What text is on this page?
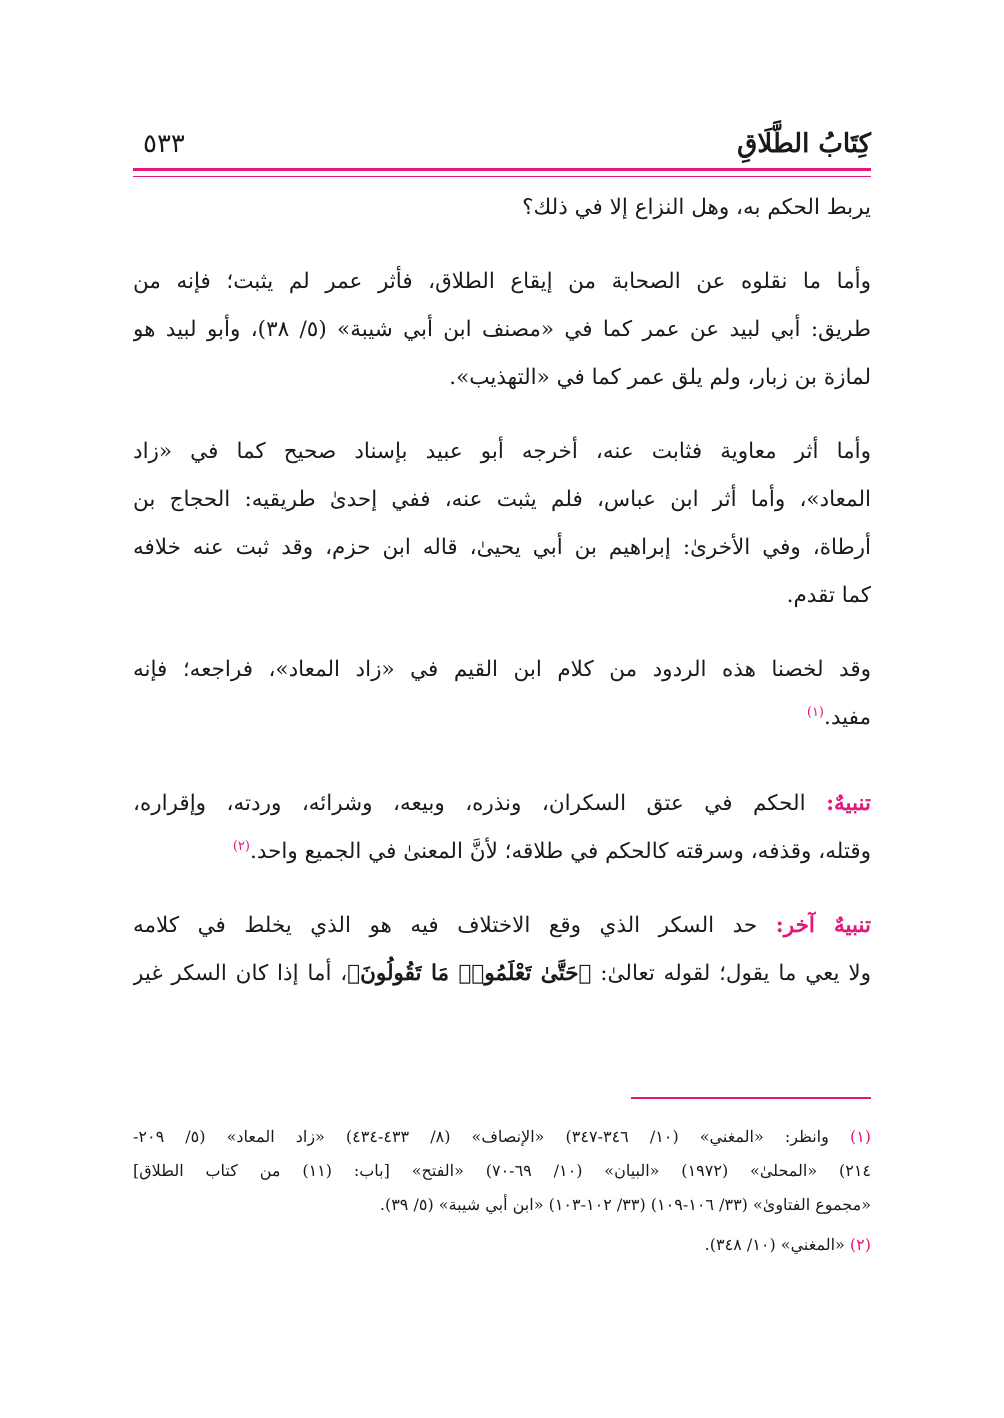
كِتَابُ الطَّلَاقِ
٥٣٣
يربط الحكم به، وهل النزاع إلا في ذلك؟
وأما ما نقلوه عن الصحابة من إيقاع الطلاق، فأثر عمر لم يثبت؛ فإنه من
طريق: أبي لبيد عن عمر كما في «مصنف ابن أبي شيبة» (٥/ ٣٨)، وأبو لبيد هو
لمازة بن زبار، ولم يلق عمر كما في «التهذيب».
وأما أثر معاوية فثابت عنه، أخرجه أبو عبيد بإسناد صحيح كما في «زاد
المعاد»، وأما أثر ابن عباس، فلم يثبت عنه، ففي إحدىٰ طريقيه: الحجاج بن
أرطاة، وفي الأخرىٰ: إبراهيم بن أبي يحيىٰ، قاله ابن حزم، وقد ثبت عنه خلافه
كما تقدم.
وقد لخصنا هذه الردود من كلام ابن القيم في «زاد المعاد»، فراجعه؛ فإنه
مفيد.$^{(١)}$
تنبيهٌ: الحكم في عتق السكران، ونذره، وبيعه، وشرائه، وردته، وإقراره،
وقتله، وقذفه، وسرقته كالحكم في طلاقه؛ لأنَّ المعنىٰ في الجميع واحد.$^{(٢)}$
تنبيهٌ آخر: حد السكر الذي وقع الاختلاف فيه هو الذي يخلط في كلامه
ولا يعي ما يقول؛ لقوله تعالىٰ: ﴿حَتَّىٰ تَعْلَمُوا۟ مَا تَقُولُونَ﴾، أما إذا كان السكر غير
(١) وانظر: «المغني» (١٠/ ٣٤٦-٣٤٧) «الإنصاف» (٨/ ٤٣٣-٤٣٤) «زاد المعاد» (٥/ ٢٠٩-
٢١٤) «المحلىٰ» (١٩٧٢) «البيان» (١٠/ ٦٩-٧٠) «الفتح» [باب: (١١) من كتاب الطلاق]
«مجموع الفتاوىٰ» (٣٣/ ١٠٦-١٠٩) (٣٣/ ١٠٢-١٠٣) «ابن أبي شيبة» (٥/ ٣٩).
(٢) «المغني» (١٠/ ٣٤٨).
